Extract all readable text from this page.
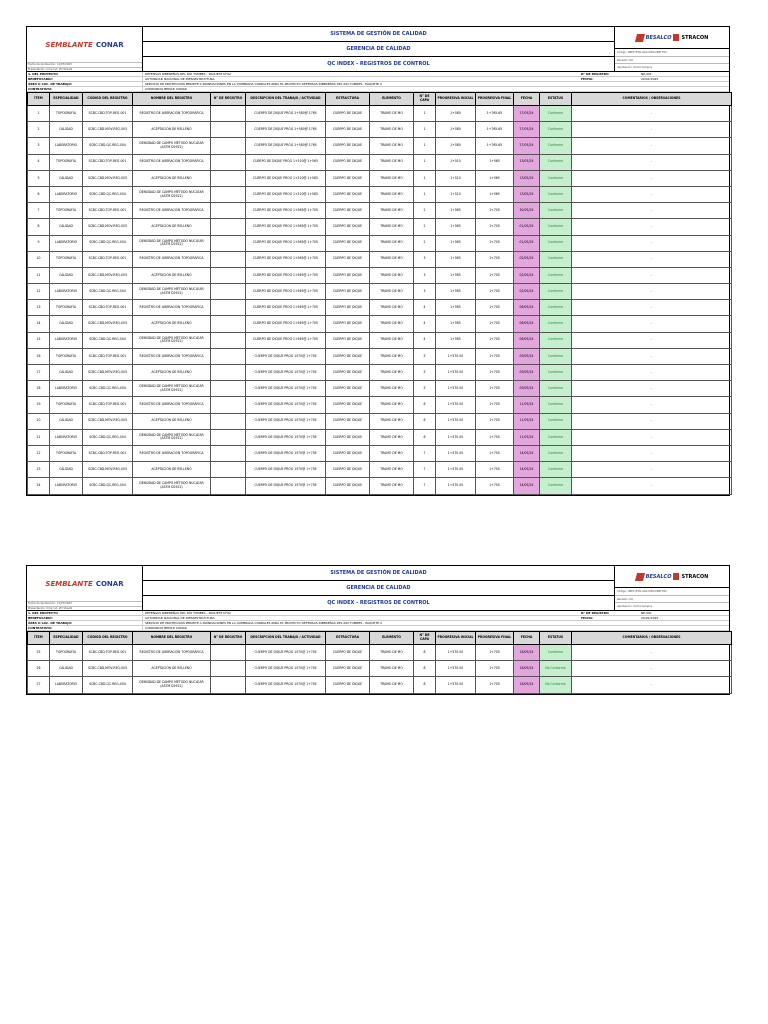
SEMBLANTE CONAR
Fecha de Aprobación: 11/07/2023
Presentación: Cmp Ind. 2D Sheets
SISTEMA DE GESTIÓN DE CALIDAD
GERENCIA DE CALIDAD
QC INDEX - REGISTROS DE CONTROL
BESALCO STRACON
Código: CBEC-PTAI-SGC-MDC-DNE-F02
Revisión: 00
Aprobación: Ocold Campos
1. DEL PROYECTO	DEFENSAS RIBEREÑAS DEL RÍO TUMBES - PAQUETE N°02	N° DE REGISTRO	NP-001
BENEFICIARIO:	AUTORIDAD NACIONAL DE INFRAESTRUCTURA	FECHA:	20/01/2025
ÁREA O LOC. DE TRABAJO:	SERVICIO DE PROTECCIÓN PERMITE A INUNDACIONES EN LA QUEBRADA CORRALES PARA EL PROYECTO DEFENSAS RIBEREÑAS DEL RÍO TUMBES - PAQUETE 2
CONTRATISTA:	CONSORCIO BEDILE CONAR
ÍTEM	ESPECIALIDAD	CÓDIGO DEL REGISTRO	NOMBRE DEL REGISTRO	N° DE REGISTRO	DESCRIPCIÓN DEL TRABAJO / ACTIVIDAD	ESTRUCTURA	ELEMENTO	N° DE CAPA	PROGRESIVA INICIAL	PROGRESIVA FINAL	FECHA	ESTATUS	COMENTARIOS / OBSERVACIONES
1	TOPOGRAFÍA	SCBC-CBD-TOP-REG-001	REGISTRO DE LIBERACIÓN TOPOGRÁFICA		CUERPO DE DIQUE PROG 1+580@ 1765	CUERPO DE DIQUE	TRAMO DE MO	1	1+580	1+765.65	27/05/24	Conforme	-
2	CALIDAD	SCBC-CBD-MOV-REG-003	ACEPTACIÓN DE RELLENO		CUERPO DE DIQUE PROG 1+580@ 1765	CUERPO DE DIQUE	TRAMO DE MO	1	1+580	1+765.65	27/05/24	Conforme	-
3	LABORATORIO	SCBC-CBD-QC-REG-004	DENSIDAD DE CAMPO MÉTODO NUCLEAR (ASTM D2922)		CUERPO DE DIQUE PROG 1+580@ 1765	CUERPO DE DIQUE	TRAMO DE MO	1	1+580	1+765.65	27/05/24	Conforme	-
4	TOPOGRAFÍA	SCBC-CBD-TOP-REG-001	REGISTRO DE LIBERACIÓN TOPOGRÁFICA		CUERPO DE DIQUE PROG 1+510@ 1+565	CUERPO DE DIQUE	TRAMO DE MO	1	1+510	1+565	13/05/24	Conforme	-
5	CALIDAD	SCBC-CBD-MOV-REG-003	ACEPTACIÓN DE RELLENO		CUERPO DE DIQUE PROG 1+510@ 1+565	CUERPO DE DIQUE	TRAMO DE MO	1	1+510	1+565	13/05/24	Conforme	-
6	LABORATORIO	SCBC-CBD-QC-REG-004	DENSIDAD DE CAMPO MÉTODO NUCLEAR (ASTM D2922)		CUERPO DE DIQUE PROG 1+510@ 1+565	CUERPO DE DIQUE	TRAMO DE MO	1	1+510	1+565	13/05/24	Conforme	-
7	TOPOGRAFÍA	SCBC-CBD-TOP-REG-001	REGISTRO DE LIBERACIÓN TOPOGRÁFICA		CUERPO DE DIQUE PROG 1+565@ 1+705	CUERPO DE DIQUE	TRAMO DE MO	2	1+565	1+705	30/05/24	Conforme	-
8	CALIDAD	SCBC-CBD-MOV-REG-003	ACEPTACIÓN DE RELLENO		CUERPO DE DIQUE PROG 1+565@ 1+705	CUERPO DE DIQUE	TRAMO DE MO	2	1+565	1+705	01/05/24	Conforme	-
9	LABORATORIO	SCBC-CBD-QC-REG-004	DENSIDAD DE CAMPO MÉTODO NUCLEAR (ASTM D2922)		CUERPO DE DIQUE PROG 1+565@ 1+705	CUERPO DE DIQUE	TRAMO DE MO	2	1+565	1+705	01/05/24	Conforme	-
10	TOPOGRAFÍA	SCBC-CBD-TOP-REG-001	REGISTRO DE LIBERACIÓN TOPOGRÁFICA		CUERPO DE DIQUE PROG 1+565@ 1+705	CUERPO DE DIQUE	TRAMO DE MO	3	1+565	1+705	02/05/24	Conforme	-
11	CALIDAD	SCBC-CBD-MOV-REG-003	ACEPTACIÓN DE RELLENO		CUERPO DE DIQUE PROG 1+565@ 1+705	CUERPO DE DIQUE	TRAMO DE MO	3	1+565	1+705	02/05/24	Conforme	-
12	LABORATORIO	SCBC-CBD-QC-REG-004	DENSIDAD DE CAMPO MÉTODO NUCLEAR (ASTM D2922)		CUERPO DE DIQUE PROG 1+565@ 1+705	CUERPO DE DIQUE	TRAMO DE MO	3	1+565	1+705	02/05/24	Conforme	-
13	TOPOGRAFÍA	SCBC-CBD-TOP-REG-001	REGISTRO DE LIBERACIÓN TOPOGRÁFICA		CUERPO DE DIQUE PROG 1+565@ 1+705	CUERPO DE DIQUE	TRAMO DE MO	4	1+565	1+705	08/05/24	Conforme	-
14	CALIDAD	SCBC-CBD-MOV-REG-003	ACEPTACIÓN DE RELLENO		CUERPO DE DIQUE PROG 1+565@ 1+705	CUERPO DE DIQUE	TRAMO DE MO	4	1+565	1+705	08/05/24	Conforme	-
15	LABORATORIO	SCBC-CBD-QC-REG-004	DENSIDAD DE CAMPO MÉTODO NUCLEAR (ASTM D2922)		CUERPO DE DIQUE PROG 1+565@ 1+705	CUERPO DE DIQUE	TRAMO DE MO	4	1+565	1+705	08/05/24	Conforme	-
16	TOPOGRAFÍA	SCBC-CBD-TOP-REG-001	REGISTRO DE LIBERACIÓN TOPOGRÁFICA		CUERPO DE DIQUE PROG 1570@ 1+705	CUERPO DE DIQUE	TRAMO DE MO	5	1+570.00	1+705	09/05/24	Conforme	-
17	CALIDAD	SCBC-CBD-MOV-REG-003	ACEPTACIÓN DE RELLENO		CUERPO DE DIQUE PROG 1570@ 1+705	CUERPO DE DIQUE	TRAMO DE MO	5	1+570.00	1+705	09/05/24	Conforme	-
18	LABORATORIO	SCBC-CBD-QC-REG-004	DENSIDAD DE CAMPO MÉTODO NUCLEAR (ASTM D2922)		CUERPO DE DIQUE PROG 1570@ 1+705	CUERPO DE DIQUE	TRAMO DE MO	5	1+570.00	1+705	09/05/24	Conforme	-
19	TOPOGRAFÍA	SCBC-CBD-TOP-REG-001	REGISTRO DE LIBERACIÓN TOPOGRÁFICA		CUERPO DE DIQUE PROG 1570@ 1+705	CUERPO DE DIQUE	TRAMO DE MO	6	1+570.00	1+705	11/05/24	Conforme	-
20	CALIDAD	SCBC-CBD-MOV-REG-003	ACEPTACIÓN DE RELLENO		CUERPO DE DIQUE PROG 1570@ 1+705	CUERPO DE DIQUE	TRAMO DE MO	6	1+570.00	1+705	11/05/24	Conforme	-
21	LABORATORIO	SCBC-CBD-QC-REG-004	DENSIDAD DE CAMPO MÉTODO NUCLEAR (ASTM D2922)		CUERPO DE DIQUE PROG 1570@ 1+705	CUERPO DE DIQUE	TRAMO DE MO	6	1+570.00	1+705	11/05/24	Conforme	-
22	TOPOGRAFÍA	SCBC-CBD-TOP-REG-001	REGISTRO DE LIBERACIÓN TOPOGRÁFICA		CUERPO DE DIQUE PROG 1570@ 1+705	CUERPO DE DIQUE	TRAMO DE MO	7	1+570.00	1+705	14/05/24	Conforme	-
23	CALIDAD	SCBC-CBD-MOV-REG-003	ACEPTACIÓN DE RELLENO		CUERPO DE DIQUE PROG 1570@ 1+705	CUERPO DE DIQUE	TRAMO DE MO	7	1+570.00	1+705	14/05/24	Conforme	-
24	LABORATORIO	SCBC-CBD-QC-REG-004	DENSIDAD DE CAMPO MÉTODO NUCLEAR (ASTM D2922)		CUERPO DE DIQUE PROG 1570@ 1+705	CUERPO DE DIQUE	TRAMO DE MO	7	1+570.00	1+705	14/05/24	Conforme	-
SEMBLANTE CONAR
Fecha de Aprobación: 11/07/2023
Presentación: Cmp Ind. 2D Sheets
SISTEMA DE GESTIÓN DE CALIDAD
GERENCIA DE CALIDAD
QC INDEX - REGISTROS DE CONTROL
BESALCO STRACON
Código: CBEC-PTAI-SGC-MDC-DNE-F02
Revisión: 00
Aprobación: Ocold Campos
1. DEL PROYECTO	DEFENSAS RIBEREÑAS DEL RÍO TUMBES - PAQUETE N°02	N° DE REGISTRO	NP-001
BENEFICIARIO:	AUTORIDAD NACIONAL DE INFRAESTRUCTURA	FECHA:	20/01/2025
ÁREA O LOC. DE TRABAJO:	SERVICIO DE PROTECCIÓN PERMITE A INUNDACIONES EN LA QUEBRADA CORRALES PARA EL PROYECTO DEFENSAS RIBEREÑAS DEL RÍO TUMBES - PAQUETE 2
CONTRATISTA:	CONSORCIO BEDILE CONAR
ÍTEM	ESPECIALIDAD	CÓDIGO DEL REGISTRO	NOMBRE DEL REGISTRO	N° DE REGISTRO	DESCRIPCIÓN DEL TRABAJO / ACTIVIDAD	ESTRUCTURA	ELEMENTO	N° DE CAPA	PROGRESIVA INICIAL	PROGRESIVA FINAL	FECHA	ESTATUS	COMENTARIOS / OBSERVACIONES
25	TOPOGRAFÍA	SCBC-CBD-TOP-REG-001	REGISTRO DE LIBERACIÓN TOPOGRÁFICA		CUERPO DE DIQUE PROG 1570@ 1+705	CUERPO DE DIQUE	TRAMO DE MO	8	1+570.00	1+705	18/05/24	Conforme	-
26	CALIDAD	SCBC-CBD-MOV-REG-003	ACEPTACIÓN DE RELLENO		CUERPO DE DIQUE PROG 1570@ 1+705	CUERPO DE DIQUE	TRAMO DE MO	8	1+570.00	1+705	18/05/24	No Conforme	-
27	LABORATORIO	SCBC-CBD-QC-REG-004	DENSIDAD DE CAMPO MÉTODO NUCLEAR (ASTM D2922)		CUERPO DE DIQUE PROG 1570@ 1+705	CUERPO DE DIQUE	TRAMO DE MO	8	1+570.00	1+705	18/05/24	No Conforme	-
